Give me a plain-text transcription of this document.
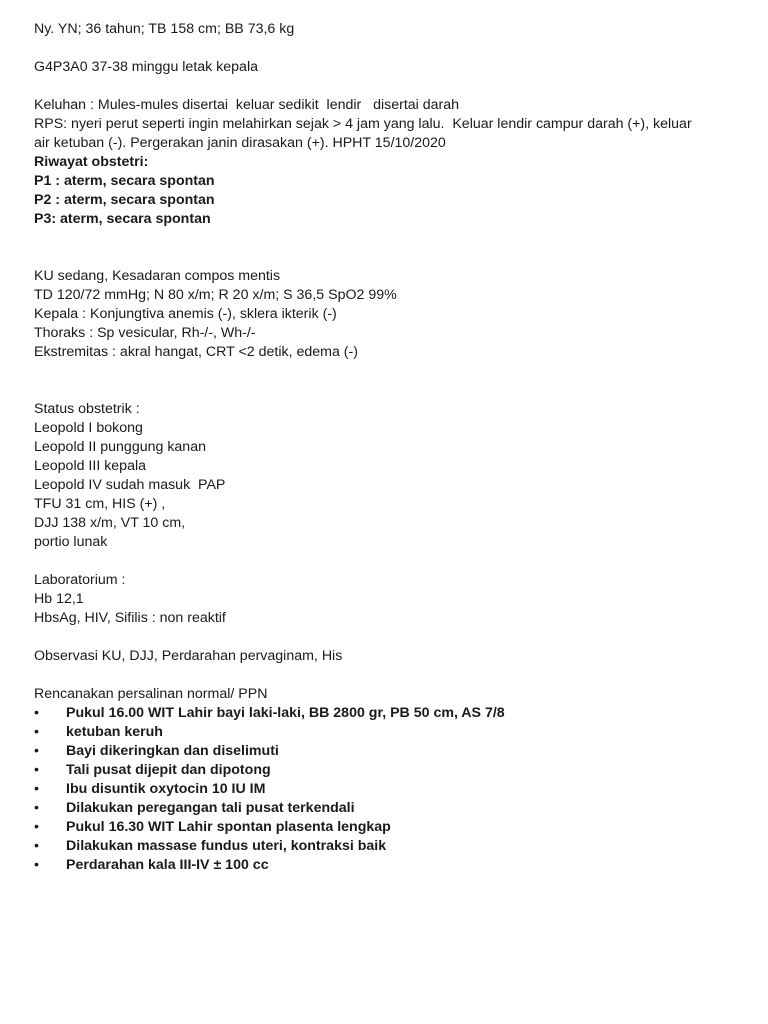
Ny. YN; 36 tahun; TB 158 cm; BB 73,6 kg

G4P3A0 37-38 minggu letak kepala

Keluhan : Mules-mules disertai  keluar sedikit  lendir   disertai darah

RPS: nyeri perut seperti ingin melahirkan sejak > 4 jam yang lalu.  Keluar lendir campur darah (+), keluar

air ketuban (-). Pergerakan janin dirasakan (+). HPHT 15/10/2020

Riwayat obstetri:

P1 : aterm, secara spontan

P2 : aterm, secara spontan

P3: aterm, secara spontan

KU sedang, Kesadaran compos mentis

TD 120/72 mmHg; N 80 x/m; R 20 x/m; S 36,5 SpO2 99%

Kepala : Konjungtiva anemis (-), sklera ikterik (-)

Thoraks : Sp vesicular, Rh-/-, Wh-/-

Ekstremitas : akral hangat, CRT <2 detik, edema (-)

Status obstetrik :

Leopold I bokong

Leopold II punggung kanan

Leopold III kepala

Leopold IV sudah masuk  PAP

TFU 31 cm, HIS (+) ,

DJJ 138 x/m, VT 10 cm,

portio lunak

Laboratorium :

Hb 12,1

HbsAg, HIV, Sifilis : non reaktif

Observasi KU, DJJ, Perdarahan pervaginam, His

Rencanakan persalinan normal/ PPN

•	Pukul 16.00 WIT Lahir bayi laki-laki, BB 2800 gr, PB 50 cm, AS 7/8
•	ketuban keruh
•	Bayi dikeringkan dan diselimuti
•	Tali pusat dijepit dan dipotong
•	Ibu disuntik oxytocin 10 IU IM
•	Dilakukan peregangan tali pusat terkendali
•	Pukul 16.30 WIT Lahir spontan plasenta lengkap
•	Dilakukan massase fundus uteri, kontraksi baik
•	Perdarahan kala III-IV ± 100 cc
